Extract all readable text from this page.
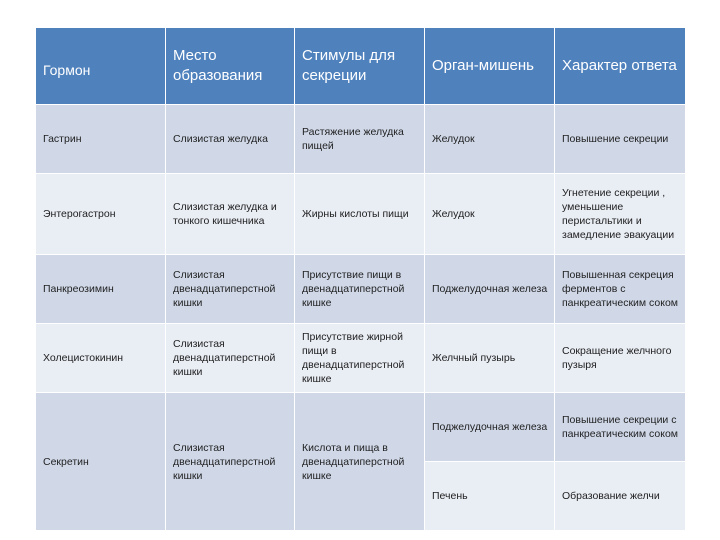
Гормон	Место образования	Стимулы для секреции	Орган-мишень	Характер ответа
Гастрин	Слизистая желудка	Растяжение желудка пищей	Желудок	Повышение секреции
Энтерогастрон	Слизистая желудка и тонкого кишечника	Жирны кислоты пищи	Желудок	Угнетение секреции , уменьшение перистальтики и замедление эвакуации
Панкреозимин	Слизистая двенадцатиперстной кишки	Присутствие пищи в двенадцатиперстной кишке	Поджелудочная железа	Повышенная секреция ферментов с панкреатическим соком
Холецистокинин	Слизистая двенадцатиперстной кишки	Присутствие жирной пищи в двенадцатиперстной кишке	Желчный пузырь	Сокращение желчного пузыря
Секретин	Слизистая двенадцатиперстной кишки	Кислота и пища в двенадцатиперстной кишке	Поджелудочная железа	Повышение секреции с панкреатическим соком
			Печень	Образование желчи
